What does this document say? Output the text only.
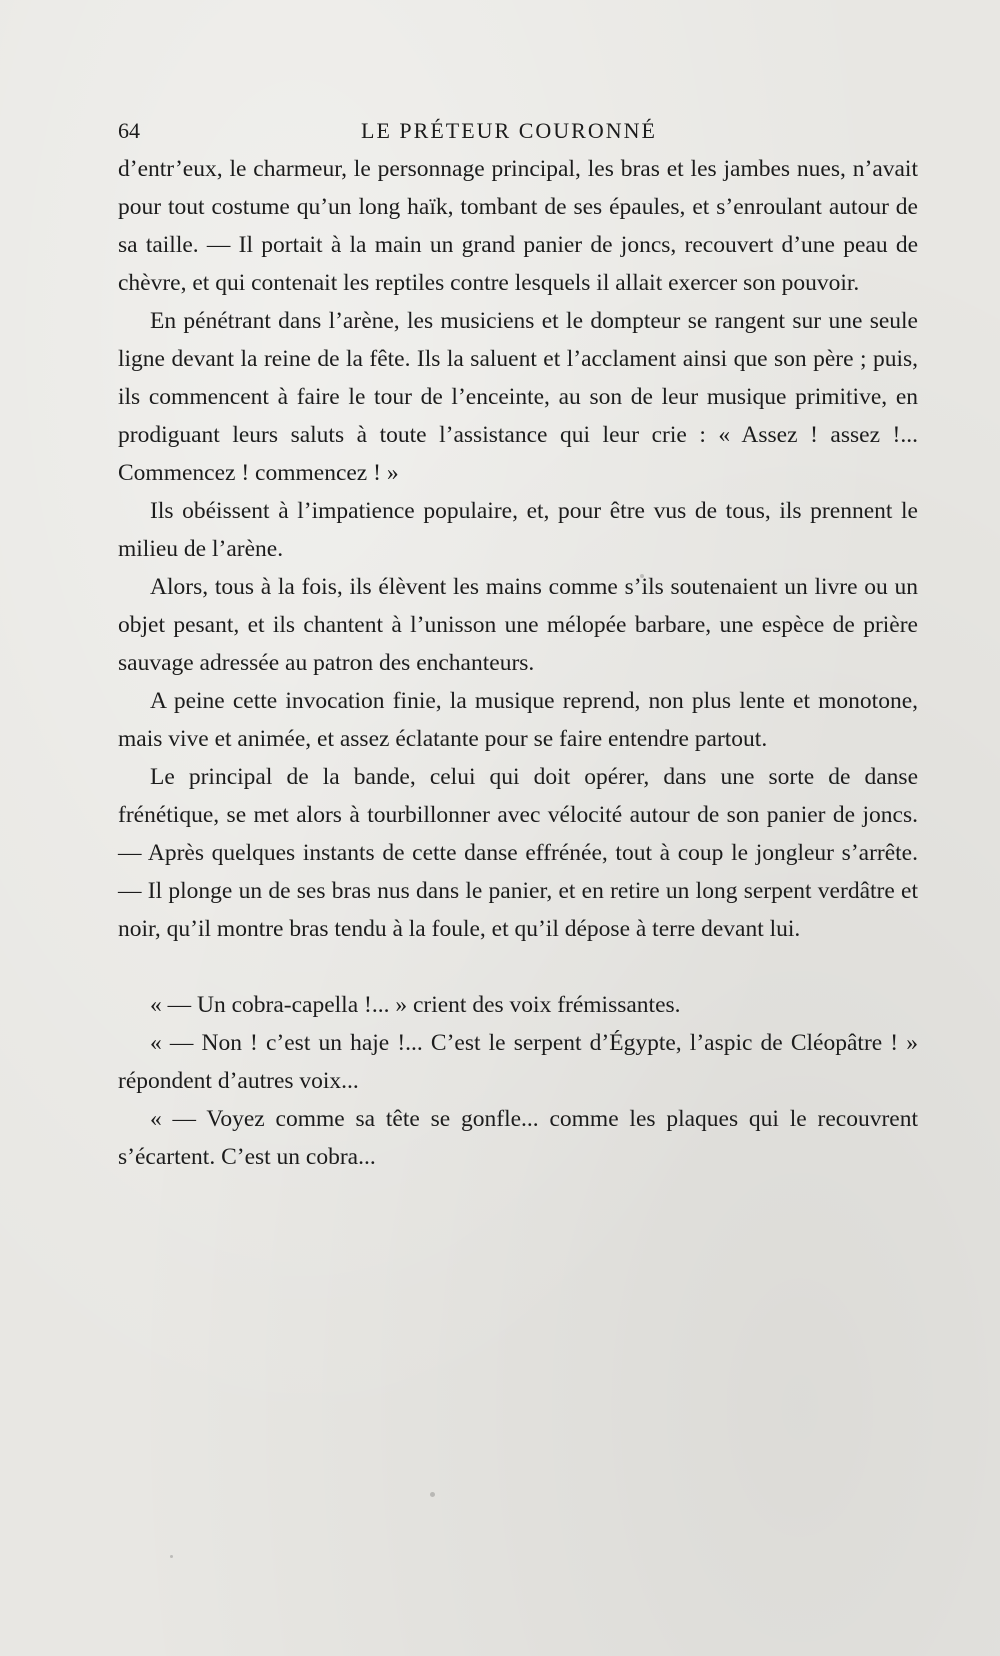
64	LE PRÉTEUR COURONNÉ

d’entr’eux, le charmeur, le personnage principal, les bras et les jambes nues, n’avait pour tout costume qu’un long haïk, tombant de ses épaules, et s’enroulant autour de sa taille. — Il portait à la main un grand panier de joncs, recouvert d’une peau de chèvre, et qui contenait les reptiles contre lesquels il allait exercer son pouvoir.

En pénétrant dans l’arène, les musiciens et le dompteur se rangent sur une seule ligne devant la reine de la fête. Ils la saluent et l’acclament ainsi que son père ; puis, ils commencent à faire le tour de l’enceinte, au son de leur musique primitive, en prodiguant leurs saluts à toute l’assistance qui leur crie : « Assez ! assez !... Commencez ! commencez ! »

Ils obéissent à l’impatience populaire, et, pour être vus de tous, ils prennent le milieu de l’arène.

Alors, tous à la fois, ils élèvent les mains comme s’ils soutenaient un livre ou un objet pesant, et ils chantent à l’unisson une mélopée barbare, une espèce de prière sauvage adressée au patron des enchanteurs.

A peine cette invocation finie, la musique reprend, non plus lente et monotone, mais vive et animée, et assez éclatante pour se faire entendre partout.

Le principal de la bande, celui qui doit opérer, dans une sorte de danse frénétique, se met alors à tourbillonner avec vélocité autour de son panier de joncs. — Après quelques instants de cette danse effrénée, tout à coup le jongleur s’arrête. — Il plonge un de ses bras nus dans le panier, et en retire un long serpent verdâtre et noir, qu’il montre bras tendu à la foule, et qu’il dépose à terre devant lui.

« — Un cobra-capella !... » crient des voix frémissantes.

« — Non ! c’est un haje !... C’est le serpent d’Égypte, l’aspic de Cléopâtre ! » répondent d’autres voix...

« — Voyez comme sa tête se gonfle... comme les plaques qui le recouvrent s’écartent. C’est un cobra...
